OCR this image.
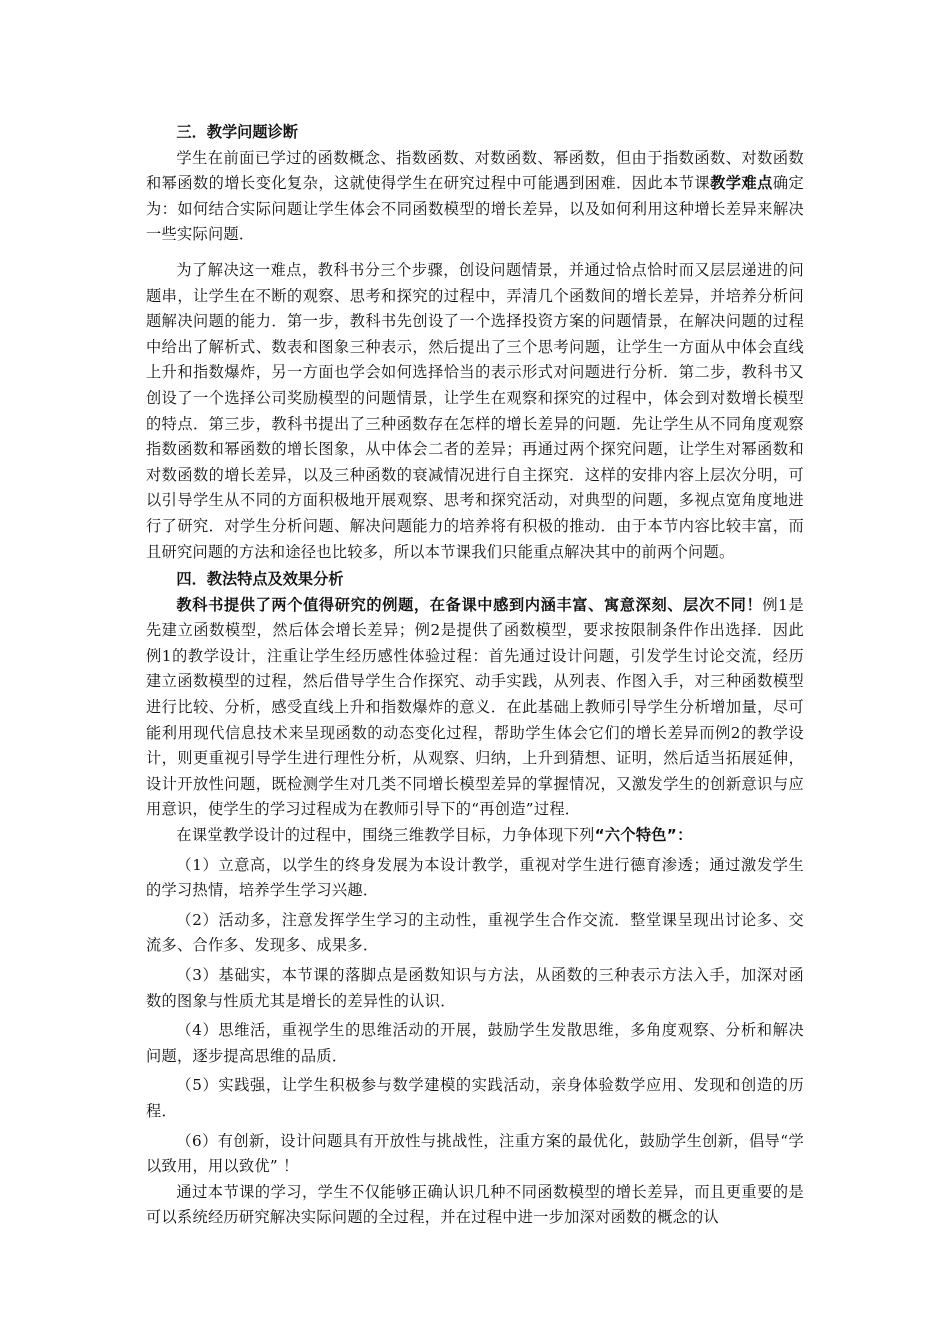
三．教学问题诊断

学生在前面已学过的函数概念、指数函数、对数函数、幂函数，但由于指数函数、对数函数和幂函数的增长变化复杂，这就使得学生在研究过程中可能遇到困难．因此本节课教学难点确定为：如何结合实际问题让学生体会不同函数模型的增长差异，以及如何利用这种增长差异来解决一些实际问题．

为了解决这一难点，教科书分三个步骤，创设问题情景，并通过恰点恰时而又层层递进的问题串，让学生在不断的观察、思考和探究的过程中，弄清几个函数间的增长差异，并培养分析问题解决问题的能力．第一步，教科书先创设了一个选择投资方案的问题情景，在解决问题的过程中给出了解析式、数表和图象三种表示，然后提出了三个思考问题，让学生一方面从中体会直线上升和指数爆炸，另一方面也学会如何选择恰当的表示形式对问题进行分析．第二步，教科书又创设了一个选择公司奖励模型的问题情景，让学生在观察和探究的过程中，体会到对数增长模型的特点．第三步，教科书提出了三种函数存在怎样的增长差异的问题．先让学生从不同角度观察指数函数和幂函数的增长图象，从中体会二者的差异；再通过两个探究问题，让学生对幂函数和对数函数的增长差异，以及三种函数的衰减情况进行自主探究．这样的安排内容上层次分明，可以引导学生从不同的方面积极地开展观察、思考和探究活动，对典型的问题，多视点宽角度地进行了研究．对学生分析问题、解决问题能力的培养将有积极的推动．由于本节内容比较丰富，而且研究问题的方法和途径也比较多，所以本节课我们只能重点解决其中的前两个问题。

四．教法特点及效果分析

教科书提供了两个值得研究的例题，在备课中感到内涵丰富、寓意深刻、层次不同！例1是先建立函数模型，然后体会增长差异；例2是提供了函数模型，要求按限制条件作出选择．因此例1的教学设计，注重让学生经历感性体验过程：首先通过设计问题，引发学生讨论交流，经历建立函数模型的过程，然后借导学生合作探究、动手实践，从列表、作图入手，对三种函数模型进行比较、分析，感受直线上升和指数爆炸的意义．在此基础上教师引导学生分析增加量，尽可能利用现代信息技术来呈现函数的动态变化过程，帮助学生体会它们的增长差异而例2的教学设计，则更重视引导学生进行理性分析，从观察、归纳，上升到猜想、证明，然后适当拓展延伸，设计开放性问题，既检测学生对几类不同增长模型差异的掌握情况，又激发学生的创新意识与应用意识，使学生的学习过程成为在教师引导下的“再创造”过程．

在课堂教学设计的过程中，围绕三维教学目标，力争体现下列“六个特色”：

（1）立意高，以学生的终身发展为本设计教学，重视对学生进行德育渗透；通过激发学生的学习热情，培养学生学习兴趣．

（2）活动多，注意发挥学生学习的主动性，重视学生合作交流．整堂课呈现出讨论多、交流多、合作多、发现多、成果多．

（3）基础实，本节课的落脚点是函数知识与方法，从函数的三种表示方法入手，加深对函数的图象与性质尤其是增长的差异性的认识．

（4）思维活，重视学生的思维活动的开展，鼓励学生发散思维，多角度观察、分析和解决问题，逐步提高思维的品质．

（5）实践强，让学生积极参与数学建模的实践活动，亲身体验数学应用、发现和创造的历程．

（6）有创新，设计问题具有开放性与挑战性，注重方案的最优化，鼓励学生创新，倡导“学以致用，用以致优” ！

通过本节课的学习，学生不仅能够正确认识几种不同函数模型的增长差异，而且更重要的是可以系统经历研究解决实际问题的全过程，并在过程中进一步加深对函数的概念的认
